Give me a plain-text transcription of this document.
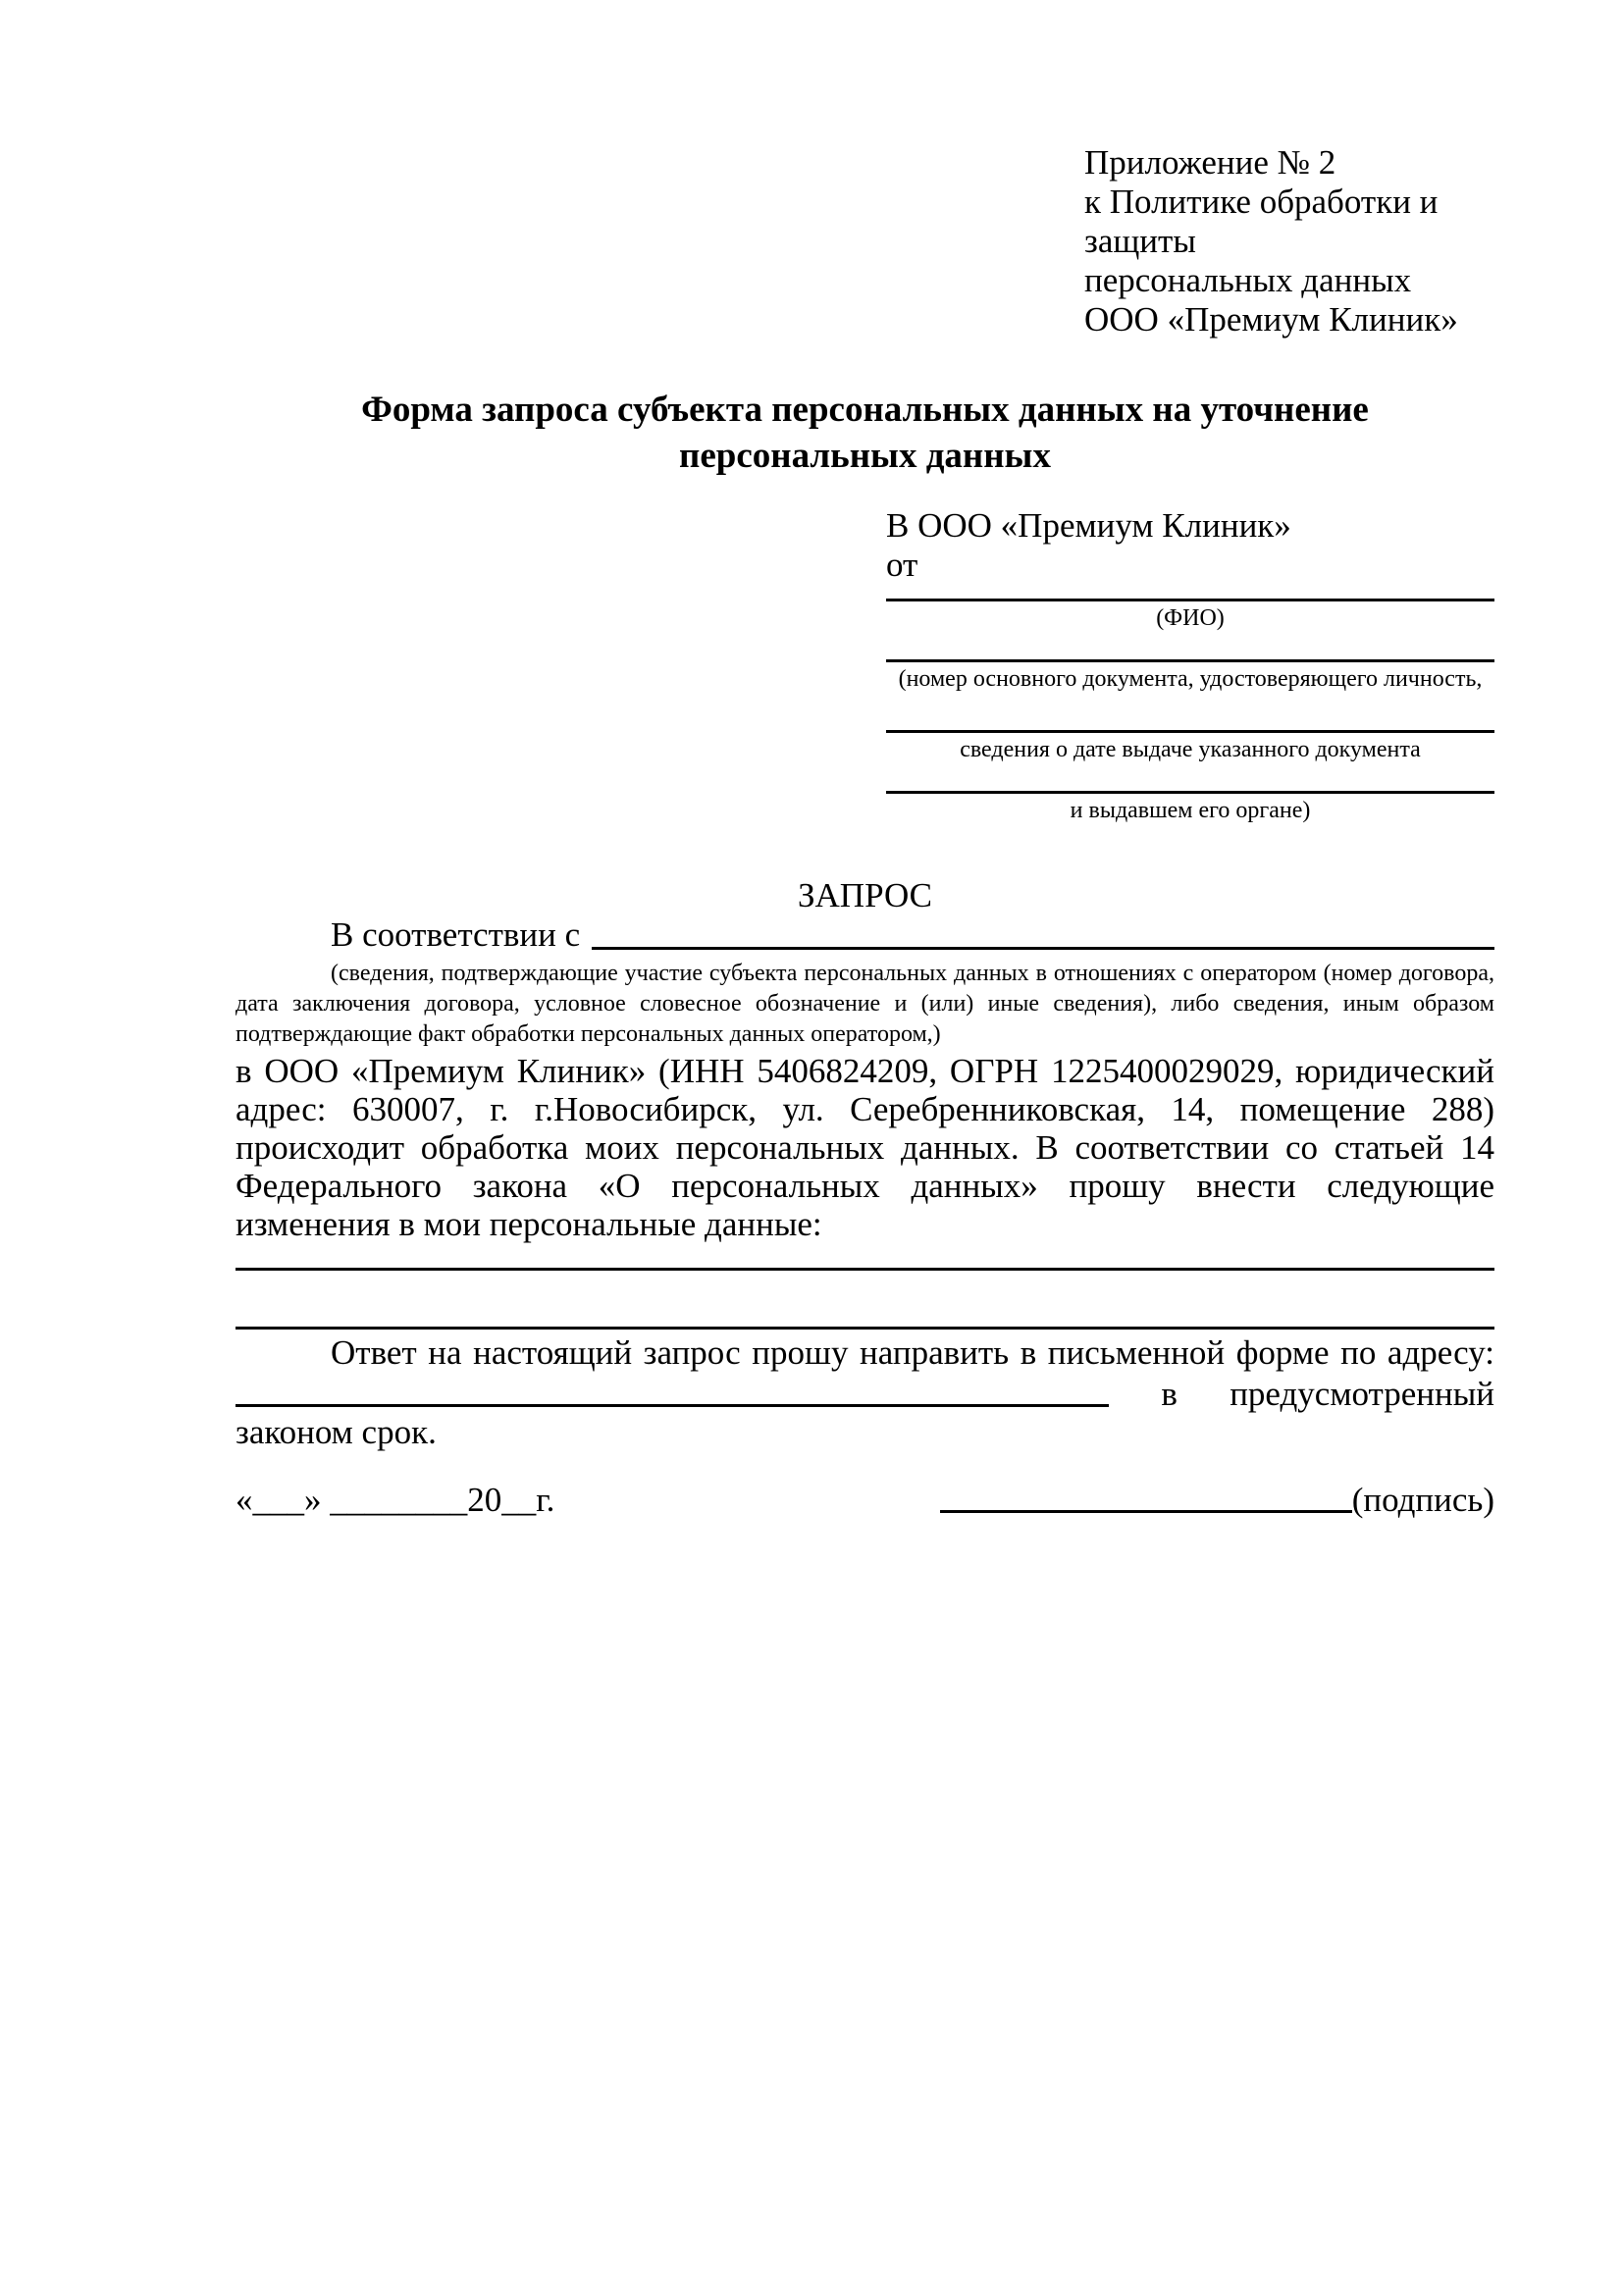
Приложение № 2
к Политике обработки и защиты
персональных данных
ООО «Премиум Клиник»
Форма запроса субъекта персональных данных на уточнение персональных данных
В ООО «Премиум Клиник»
от
(ФИО)
(номер основного документа, удостоверяющего личность,
сведения о дате выдаче указанного документа
и выдавшем его органе)
ЗАПРОС
В соответствии с
(сведения, подтверждающие участие субъекта персональных данных в отношениях с оператором (номер договора, дата заключения договора, условное словесное обозначение и (или) иные сведения), либо сведения, иным образом подтверждающие факт обработки персональных данных оператором,)

в ООО «Премиум Клиник» (ИНН 5406824209, ОГРН 1225400029029, юридический адрес: 630007, г. г.Новосибирск, ул. Серебренниковская, 14, помещение 288) происходит обработка моих персональных данных. В соответствии со статьей 14 Федерального закона «О персональных данных» прошу внести следующие изменения в мои персональные данные:

Ответ на настоящий запрос прошу направить в письменной форме по адресу:

в предусмотренный
законом срок.
«___» ________20__г.	(подпись)
